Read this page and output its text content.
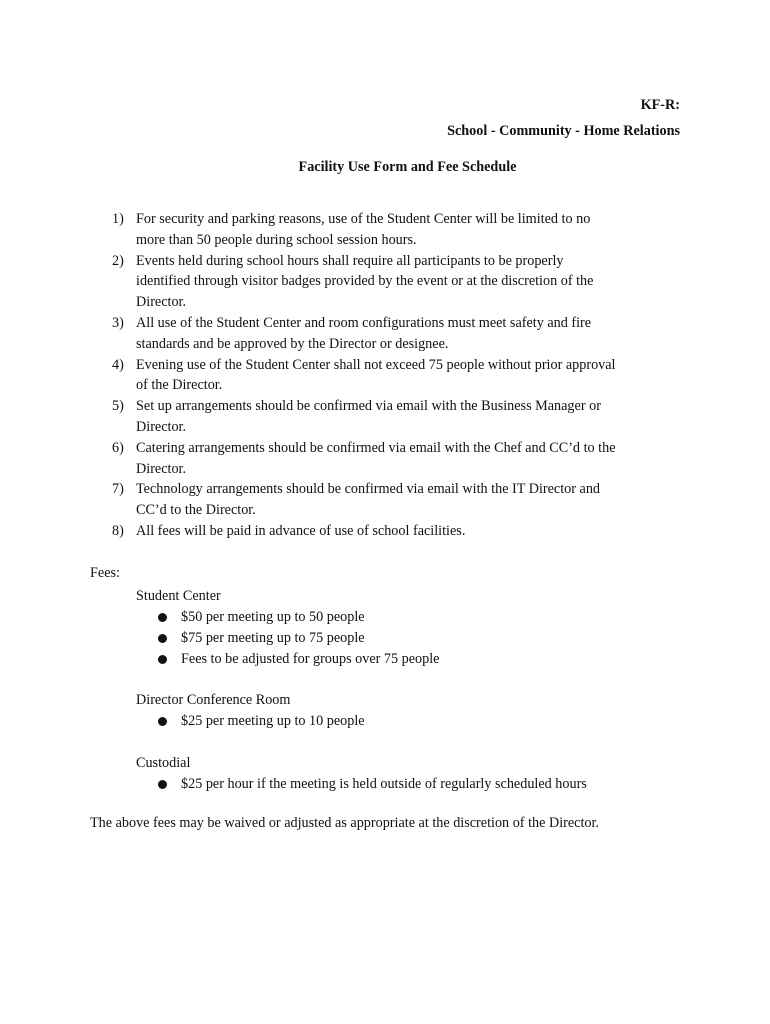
KF-R:
School - Community - Home Relations
Facility Use Form and Fee Schedule
1) For security and parking reasons, use of the Student Center will be limited to no
more than 50 people during school session hours.
2) Events held during school hours shall require all participants to be properly
identified through visitor badges provided by the event or at the discretion of the
Director.
3) All use of the Student Center and room configurations must meet safety and fire
standards and be approved by the Director or designee.
4) Evening use of the Student Center shall not exceed 75 people without prior approval
of the Director.
5) Set up arrangements should be confirmed via email with the Business Manager or
Director.
6) Catering arrangements should be confirmed via email with the Chef and CC’d to the
Director.
7) Technology arrangements should be confirmed via email with the IT Director and
CC’d to the Director.
8) All fees will be paid in advance of use of school facilities.
Fees:
Student Center
$50 per meeting up to 50 people
$75 per meeting up to 75 people
Fees to be adjusted for groups over 75 people
Director Conference Room
$25 per meeting up to 10 people
Custodial
$25 per hour if the meeting is held outside of regularly scheduled hours
The above fees may be waived or adjusted as appropriate at the discretion of the Director.
